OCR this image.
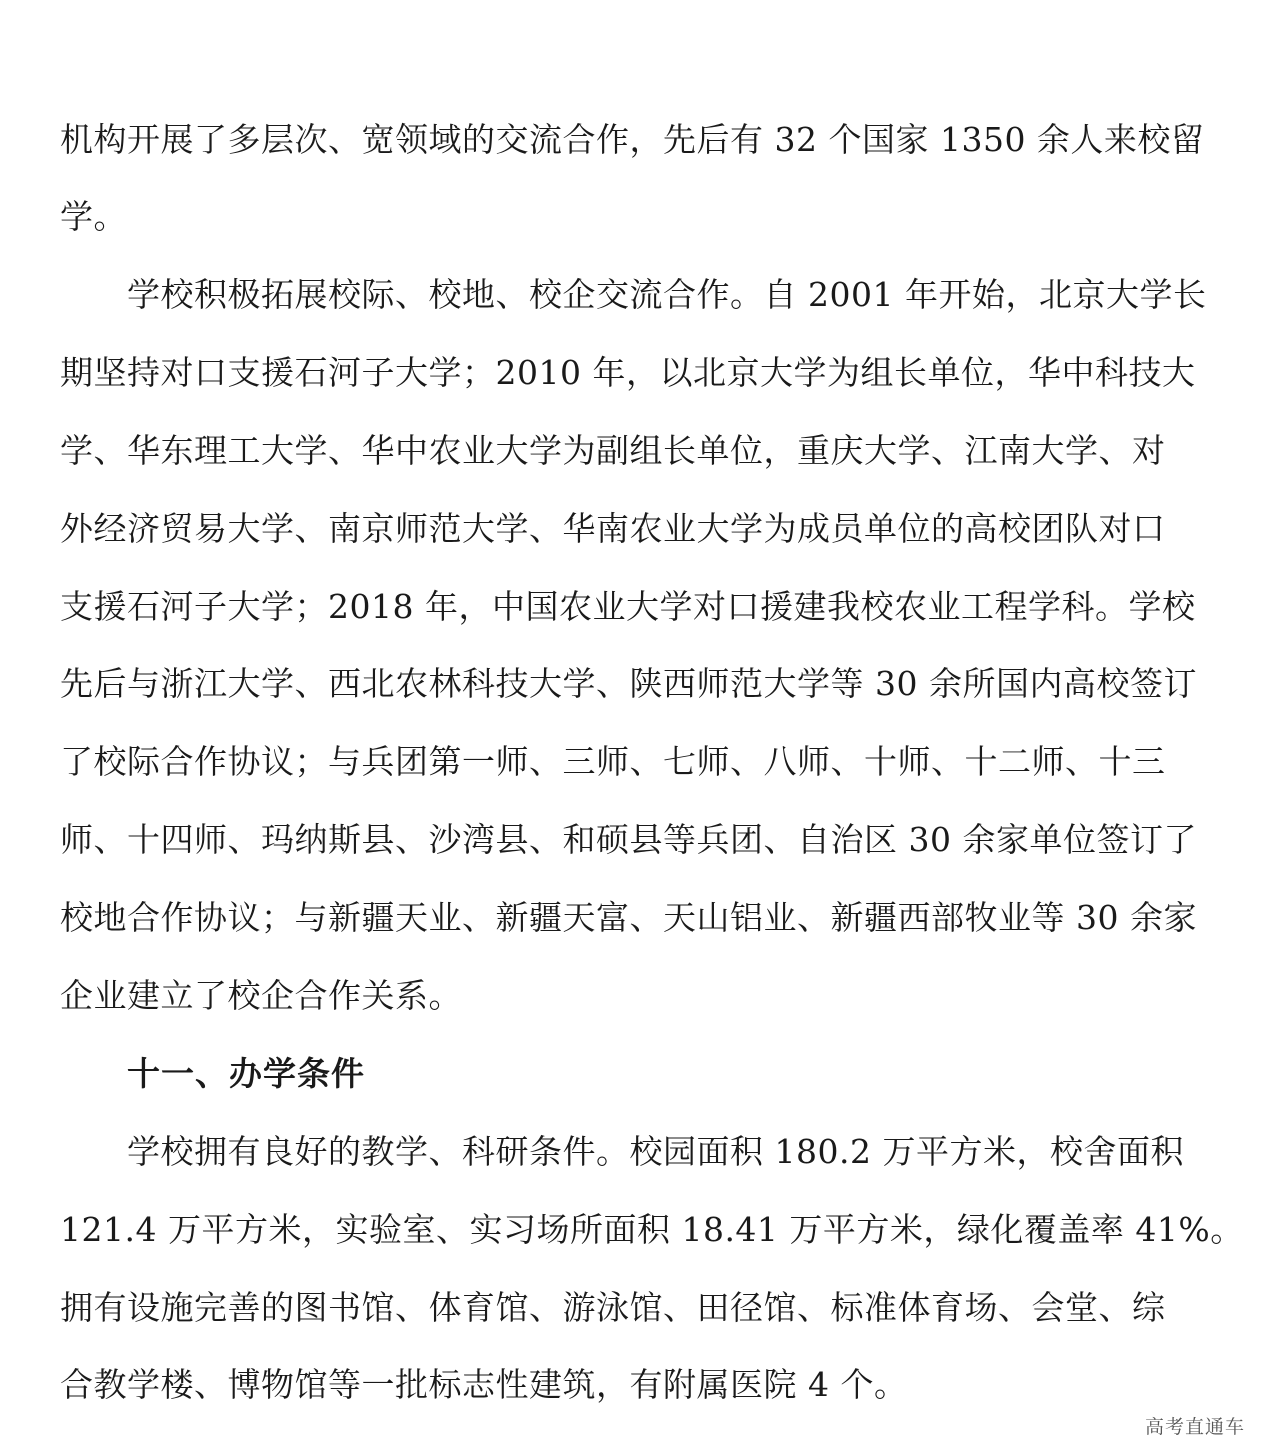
机构开展了多层次、宽领域的交流合作，先后有 32 个国家 1350 余人来校留
学。
学校积极拓展校际、校地、校企交流合作。自 2001 年开始，北京大学长
期坚持对口支援石河子大学；2010 年，以北京大学为组长单位，华中科技大
学、华东理工大学、华中农业大学为副组长单位，重庆大学、江南大学、对
外经济贸易大学、南京师范大学、华南农业大学为成员单位的高校团队对口
支援石河子大学；2018 年，中国农业大学对口援建我校农业工程学科。学校
先后与浙江大学、西北农林科技大学、陕西师范大学等 30 余所国内高校签订
了校际合作协议；与兵团第一师、三师、七师、八师、十师、十二师、十三
师、十四师、玛纳斯县、沙湾县、和硕县等兵团、自治区 30 余家单位签订了
校地合作协议；与新疆天业、新疆天富、天山铝业、新疆西部牧业等 30 余家
企业建立了校企合作关系。
十一、办学条件
学校拥有良好的教学、科研条件。校园面积 180.2 万平方米，校舍面积
121.4 万平方米，实验室、实习场所面积 18.41 万平方米，绿化覆盖率 41%。
拥有设施完善的图书馆、体育馆、游泳馆、田径馆、标准体育场、会堂、综
合教学楼、博物馆等一批标志性建筑，有附属医院 4 个。
高考直通车
